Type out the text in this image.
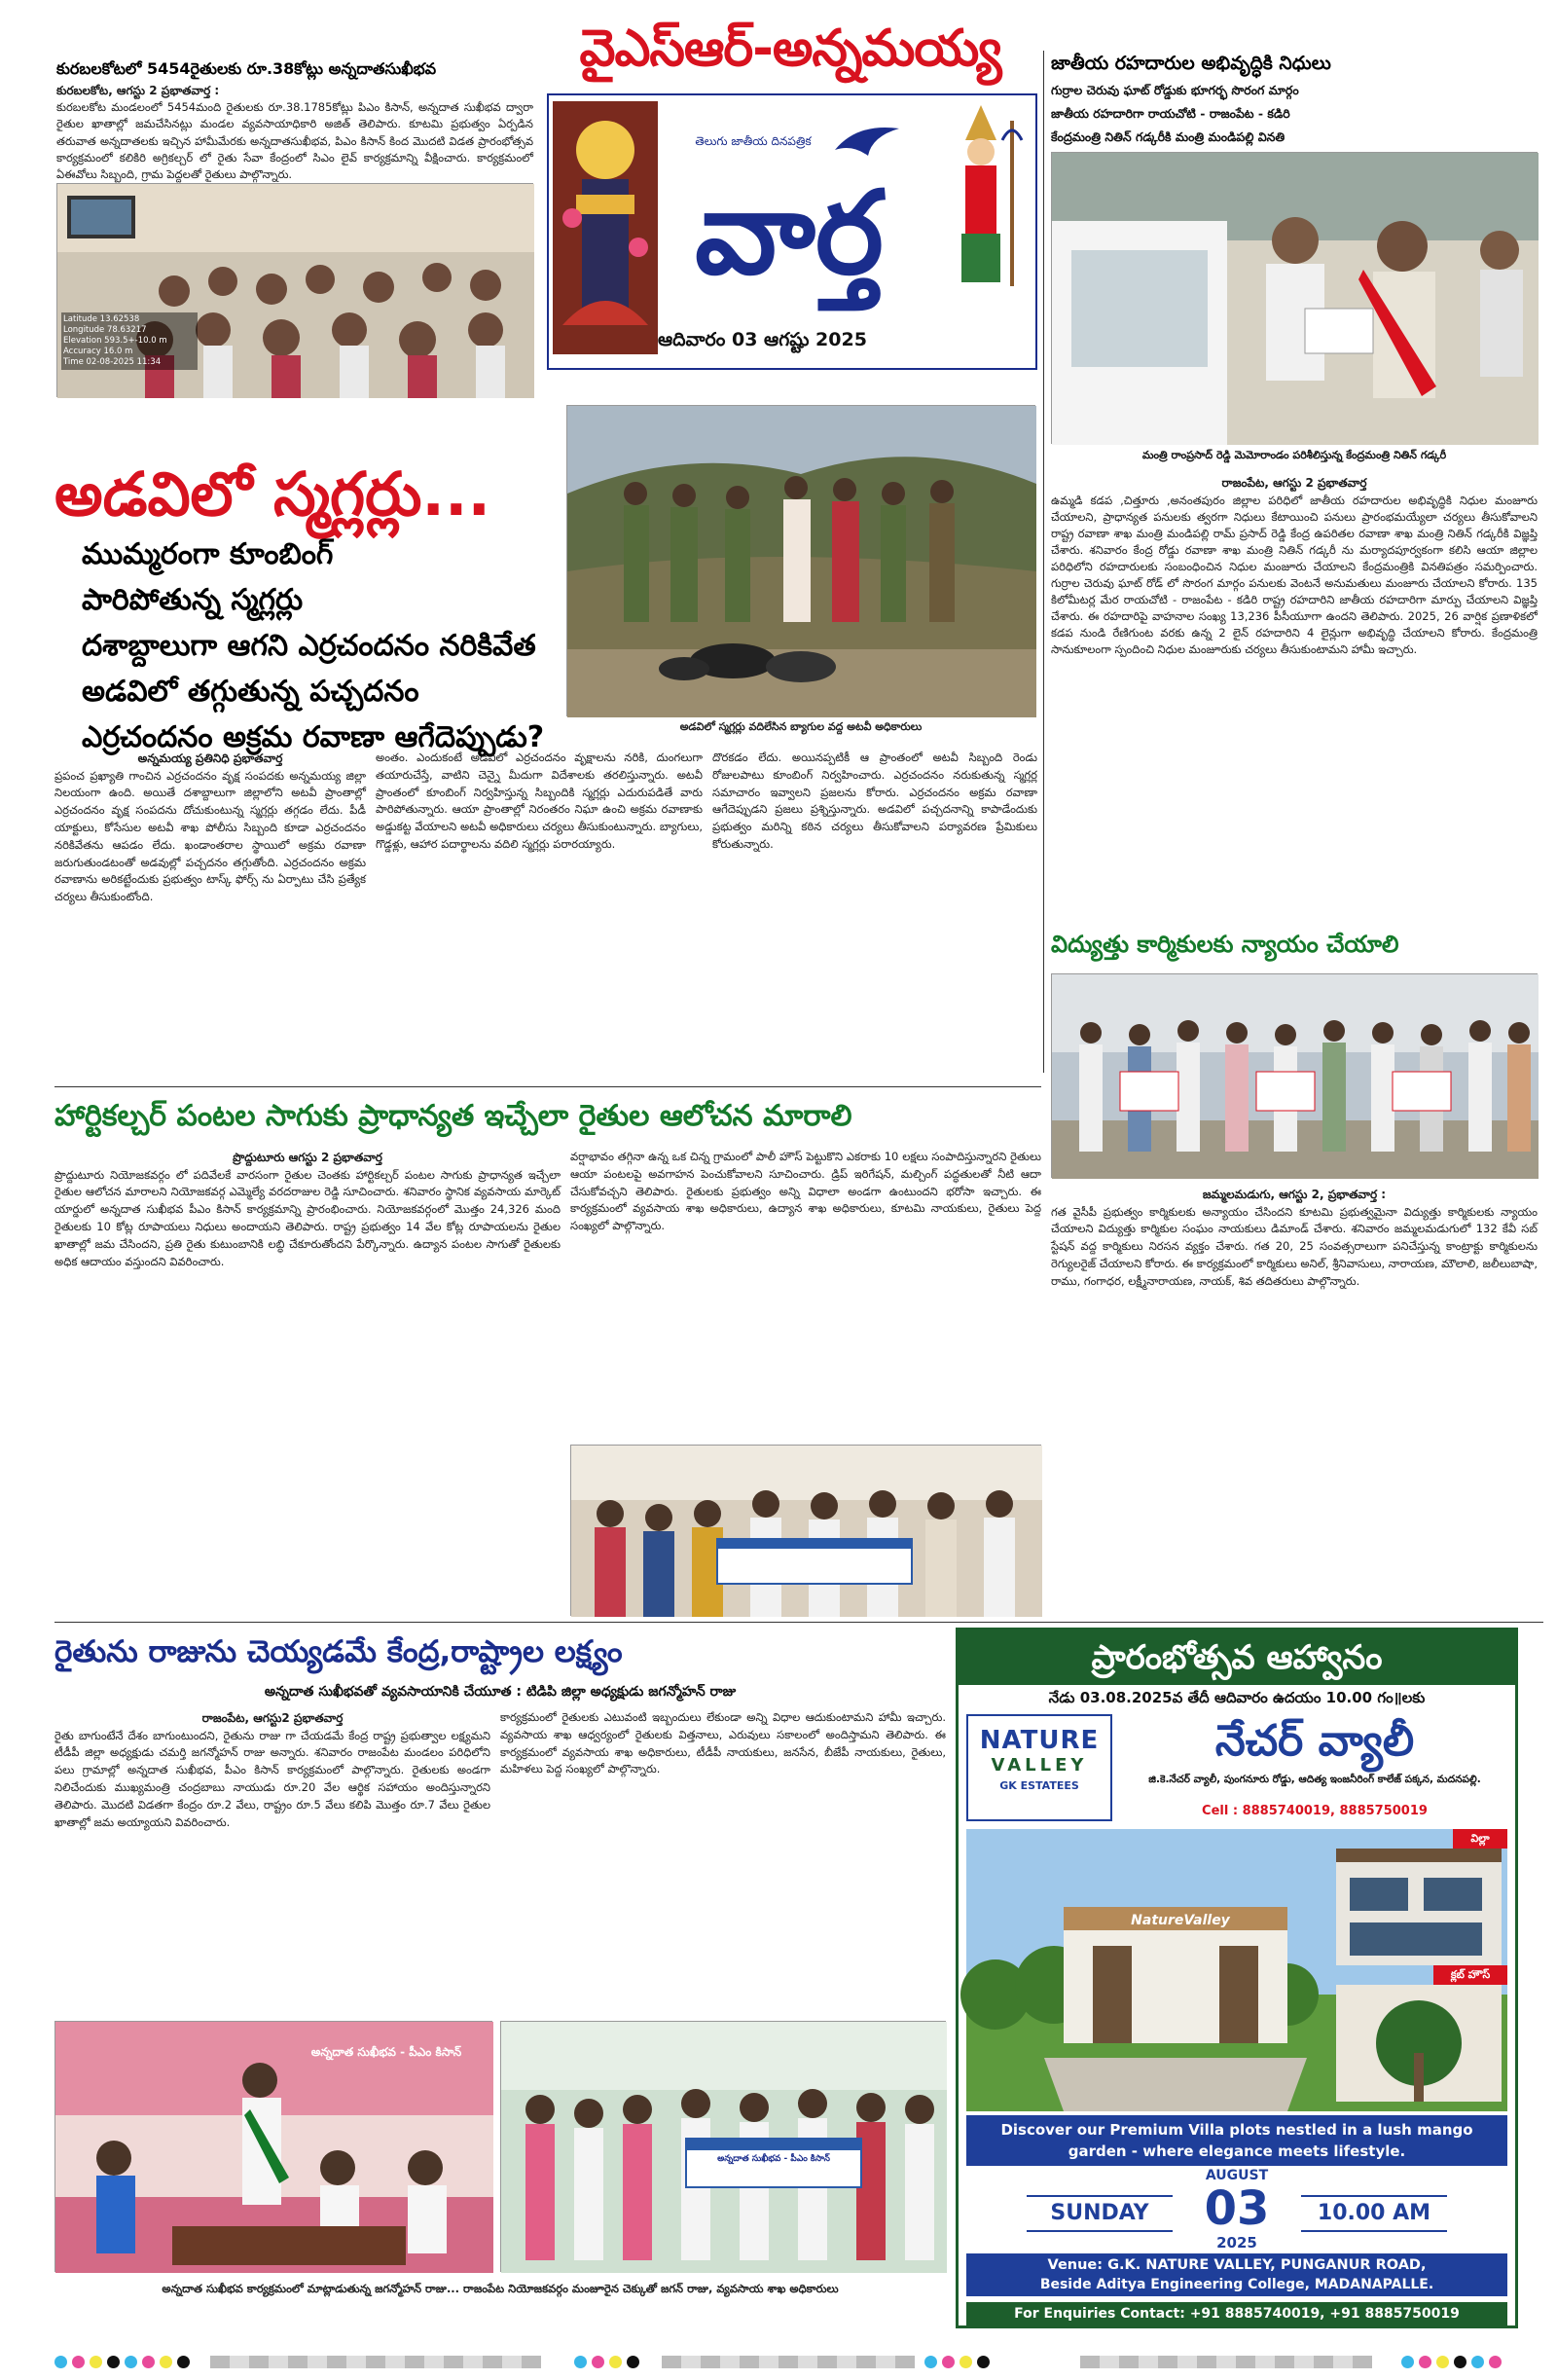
వైఎస్ఆర్-అన్నమయ్య
తెలుగు జాతీయ దినపత్రిక
వార్త
ఆదివారం 03 ఆగష్టు 2025
కురబలకోటలో 5454రైతులకు రూ.38కోట్లు అన్నదాతసుఖీభవ
కురబలకోట, ఆగస్టు 2 ప్రభాతవార్త :
కురబలకోట మండలంలో 5454మంది రైతులకు రూ.38.1785కోట్లు పిఎం కిసాన్, అన్నదాత సుఖీభవ ద్వారా రైతుల ఖాతాల్లో జమచేసినట్లు మండల వ్యవసాయాధికారి అజిత్ తెలిపారు. కూటమి ప్రభుత్వం ఏర్పడిన తరువాత అన్నదాతలకు ఇచ్చిన హామీమేరకు అన్నదాతసుఖీభవ, పిఎం కిసాన్ కింద మొదటి విడత ప్రారంభోత్సవ కార్యక్రమంలో కలికిరి అగ్రికల్చర్ లో రైతు సేవా కేంద్రంలో సిఎం లైవ్ కార్యక్రమాన్ని వీక్షించారు. కార్యక్రమంలో ఏఈవోలు సిబ్బంది, గ్రామ పెద్దలతో రైతులు పాల్గొన్నారు.
Latitude 13.62538
Longitude 78.63217
Elevation 593.5+-10.0 m
Accuracy 16.0 m
Time 02-08-2025 11:34
జాతీయ రహదారుల అభివృద్ధికి నిధులు
గుర్రాల చెరువు ఘాట్ రోడ్డుకు భూగర్భ సొరంగ మార్గం
జాతీయ రహదారిగా రాయచోటి - రాజంపేట - కడిరి
కేంద్రమంత్రి నితిన్ గడ్కరీకి మంత్రి మండిపల్లి వినతి
మంత్రి రాంప్రసాద్ రెడ్డి మెమోరాండం పరిశీలిస్తున్న కేంద్రమంత్రి నితిన్ గడ్కరీ
రాజంపేట, ఆగస్టు 2 ప్రభాతవార్త
ఉమ్మడి కడప ,చిత్తూరు ,అనంతపురం జిల్లాల పరిధిలో జాతీయ రహదారుల అభివృద్ధికి నిధుల మంజూరు చేయాలని, ప్రాధాన్యత పనులకు త్వరగా నిధులు కేటాయించి పనులు ప్రారంభమయ్యేలా చర్యలు తీసుకోవాలని రాష్ట్ర రవాణా శాఖ మంత్రి మండిపల్లి రామ్ ప్రసాద్ రెడ్డి కేంద్ర ఉపరితల రవాణా శాఖ మంత్రి నితిన్ గడ్కరీకి విజ్ఞప్తి చేశారు. శనివారం కేంద్ర రోడ్డు రవాణా శాఖ మంత్రి నితిన్ గడ్కరీ ను మర్యాదపూర్వకంగా కలిసి ఆయా జిల్లాల పరిధిలోని రహదారులకు సంబంధించిన నిధుల మంజూరు చేయాలని కేంద్రమంత్రికి వినతిపత్రం సమర్పించారు. గుర్రాల చెరువు ఘాట్ రోడ్ లో సొరంగ మార్గం పనులకు వెంటనే అనుమతులు మంజూరు చేయాలని కోరారు. 135 కిలోమీటర్ల మేర రాయచోటి - రాజంపేట - కడిరి రాష్ట్ర రహదారిని జాతీయ రహదారిగా మార్పు చేయాలని విజ్ఞప్తి చేశారు. ఈ రహదారిపై వాహనాల సంఖ్య 13,236 పీసీయూగా ఉందని తెలిపారు. 2025, 26 వార్షిక ప్రణాళికలో కడప నుండి రేణిగుంట వరకు ఉన్న 2 లైన్ రహదారిని 4 లైన్లుగా అభివృద్ధి చేయాలని కోరారు. కేంద్రమంత్రి సానుకూలంగా స్పందించి నిధుల మంజూరుకు చర్యలు తీసుకుంటామని హామీ ఇచ్చారు.
అడవిలో స్మగ్లర్లు...
ముమ్మరంగా కూంబింగ్
పారిపోతున్న స్మగ్లర్లు
దశాబ్దాలుగా ఆగని ఎర్రచందనం నరికివేత
అడవిలో తగ్గుతున్న పచ్చదనం
ఎర్రచందనం అక్రమ రవాణా ఆగేదెప్పుడు?	అడవిలో స్మగ్లర్లు వదిలేసిన బ్యాగుల వద్ద అటవీ అధికారులు
అన్నమయ్య ప్రతినిధి ప్రభాతవార్త
ప్రపంచ ప్రఖ్యాతి గాంచిన ఎర్రచందనం వృక్ష సంపదకు అన్నమయ్య జిల్లా నిలయంగా ఉంది. అయితే దశాబ్దాలుగా జిల్లాలోని అటవీ ప్రాంతాల్లో ఎర్రచందనం వృక్ష సంపదను దోచుకుంటున్న స్మగ్లర్లు తగ్గడం లేదు. పీడీ యాక్టులు, కోసేసుల అటవీ శాఖ పోలీసు సిబ్బంది కూడా ఎర్రచందనం నరికివేతను ఆపడం లేదు. ఖండాంతరాల స్థాయిలో అక్రమ రవాణా జరుగుతుండటంతో అడవుల్లో పచ్చదనం తగ్గుతోంది. ఎర్రచందనం అక్రమ రవాణాను అరికట్టేందుకు ప్రభుత్వం టాస్క్ ఫోర్స్ ను ఏర్పాటు చేసి ప్రత్యేక చర్యలు తీసుకుంటోంది.
అంతం. ఎందుకంటే అడవిలో ఎర్రచందనం వృక్షాలను నరికి, దుంగలుగా తయారుచేస్తే, వాటిని చెన్నై మీదుగా విదేశాలకు తరలిస్తున్నారు. అటవీ ప్రాంతంలో కూంబింగ్ నిర్వహిస్తున్న సిబ్బందికి స్మగ్లర్లు ఎదురుపడితే వారు పారిపోతున్నారు. ఆయా ప్రాంతాల్లో నిరంతరం నిఘా ఉంచి అక్రమ రవాణాకు అడ్డుకట్ట వేయాలని అటవీ అధికారులు చర్యలు తీసుకుంటున్నారు. బ్యాగులు, గొడ్డళ్లు, ఆహార పదార్థాలను వదిలి స్మగ్లర్లు పరారయ్యారు.
దొరకడం లేదు. అయినప్పటికీ ఆ ప్రాంతంలో అటవీ సిబ్బంది రెండు రోజులపాటు కూంబింగ్ నిర్వహించారు. ఎర్రచందనం నరుకుతున్న స్మగ్లర్ల సమాచారం ఇవ్వాలని ప్రజలను కోరారు. ఎర్రచందనం అక్రమ రవాణా ఆగేదెప్పుడని ప్రజలు ప్రశ్నిస్తున్నారు. అడవిలో పచ్చదనాన్ని కాపాడేందుకు ప్రభుత్వం మరిన్ని కఠిన చర్యలు తీసుకోవాలని పర్యావరణ ప్రేమికులు కోరుతున్నారు.
విద్యుత్తు కార్మికులకు న్యాయం చేయాలి
జమ్మలమడుగు, ఆగస్టు 2, ప్రభాతవార్త :
గత వైసీపీ ప్రభుత్వం కార్మికులకు అన్యాయం చేసిందని కూటమి ప్రభుత్వమైనా విద్యుత్తు కార్మికులకు న్యాయం చేయాలని విద్యుత్తు కార్మికుల సంఘం నాయకులు డిమాండ్ చేశారు. శనివారం జమ్మలమడుగులో 132 కేవీ సబ్ స్టేషన్ వద్ద కార్మికులు నిరసన వ్యక్తం చేశారు. గత 20, 25 సంవత్సరాలుగా పనిచేస్తున్న కాంట్రాక్టు కార్మికులను రెగ్యులరైజ్ చేయాలని కోరారు. ఈ కార్యక్రమంలో కార్మికులు అనిల్, శ్రీనివాసులు, నారాయణ, మౌలాలి, జలీలుబాషా, రాము, గంగాధర, లక్ష్మీనారాయణ, నాయక్, శివ తదితరులు పాల్గొన్నారు.
హార్టికల్చర్ పంటల సాగుకు ప్రాధాన్యత ఇచ్చేలా రైతుల ఆలోచన మారాలి
ప్రొద్దుటూరు ఆగస్టు 2 ప్రభాతవార్త
ప్రొద్దుటూరు నియోజకవర్గం లో పదివేలకే వారసంగా రైతుల చెంతకు హార్టికల్చర్ పంటల సాగుకు ప్రాధాన్యత ఇచ్చేలా రైతుల ఆలోచన మారాలని నియోజకవర్గ ఎమ్మెల్యే వరదరాజుల రెడ్డి సూచించారు. శనివారం స్థానిక వ్యవసాయ మార్కెట్ యార్డులో అన్నదాత సుఖీభవ పీఎం కిసాన్ కార్యక్రమాన్ని ప్రారంభించారు. నియోజకవర్గంలో మొత్తం 24,326 మంది రైతులకు 10 కోట్ల రూపాయలు నిధులు అందాయని తెలిపారు. రాష్ట్ర ప్రభుత్వం 14 వేల కోట్ల రూపాయలను రైతుల ఖాతాల్లో జమ చేసిందని, ప్రతి రైతు కుటుంబానికి లబ్ధి చేకూరుతోందని పేర్కొన్నారు. ఉద్యాన పంటల సాగుతో రైతులకు అధిక ఆదాయం వస్తుందని వివరించారు.
వర్షాభావం తగ్గినా ఉన్న ఒక చిన్న గ్రామంలో పాలీ హౌస్ పెట్టుకొని ఎకరాకు 10 లక్షలు సంపాదిస్తున్నారని రైతులు ఆయా పంటలపై అవగాహన పెంచుకోవాలని సూచించారు. డ్రిప్ ఇరిగేషన్, మల్చింగ్ పద్ధతులతో నీటి ఆదా చేసుకోవచ్చని తెలిపారు. రైతులకు ప్రభుత్వం అన్ని విధాలా అండగా ఉంటుందని భరోసా ఇచ్చారు. ఈ కార్యక్రమంలో వ్యవసాయ శాఖ అధికారులు, ఉద్యాన శాఖ అధికారులు, కూటమి నాయకులు, రైతులు పెద్ద సంఖ్యలో పాల్గొన్నారు.
రైతును రాజును చెయ్యడమే కేంద్ర,రాష్ట్రాల లక్ష్యం
అన్నదాత సుఖీభవతో వ్యవసాయానికి చేయూత : టిడిపి జిల్లా అధ్యక్షుడు జగన్మోహన్ రాజు
రాజంపేట, ఆగస్టు2 ప్రభాతవార్త
రైతు బాగుంటేనే దేశం బాగుంటుందని, రైతును రాజు గా చేయడమే కేంద్ర రాష్ట్ర ప్రభుత్వాల లక్ష్యమని టీడీపీ జిల్లా అధ్యక్షుడు చమర్తి జగన్మోహన్ రాజు అన్నారు. శనివారం రాజంపేట మండలం పరిధిలోని పలు గ్రామాల్లో అన్నదాత సుఖీభవ, పీఎం కిసాన్ కార్యక్రమంలో పాల్గొన్నారు. రైతులకు అండగా నిలిచేందుకు ముఖ్యమంత్రి చంద్రబాబు నాయుడు రూ.20 వేల ఆర్థిక సహాయం అందిస్తున్నారని తెలిపారు. మొదటి విడతగా కేంద్రం రూ.2 వేలు, రాష్ట్రం రూ.5 వేలు కలిపి మొత్తం రూ.7 వేలు రైతుల ఖాతాల్లో జమ అయ్యాయని వివరించారు.
కార్యక్రమంలో రైతులకు ఎటువంటి ఇబ్బందులు లేకుండా అన్ని విధాల ఆదుకుంటామని హామీ ఇచ్చారు. వ్యవసాయ శాఖ ఆధ్వర్యంలో రైతులకు విత్తనాలు, ఎరువులు సకాలంలో అందిస్తామని తెలిపారు. ఈ కార్యక్రమంలో వ్యవసాయ శాఖ అధికారులు, టీడీపీ నాయకులు, జనసేన, బీజేపీ నాయకులు, రైతులు, మహిళలు పెద్ద సంఖ్యలో పాల్గొన్నారు.
అన్నదాత సుఖీభవ - పీఎం కిసాన్
అన్నదాత సుఖీభవ - పీఎం కిసాన్
అన్నదాత సుఖీభవ కార్యక్రమంలో మాట్లాడుతున్న జగన్మోహన్ రాజు... రాజంపేట నియోజకవర్గం మంజూరైన చెక్కుతో జగన్ రాజు, వ్యవసాయ శాఖ అధికారులు
ప్రారంభోత్సవ ఆహ్వానం
నేడు 03.08.2025వ తేదీ ఆదివారం ఉదయం 10.00 గం॥లకు
NATURE
VALLEY
GK ESTATEES
నేచర్ వ్యాలీ
జి.కె.నేచర్ వ్యాలీ, పుంగనూరు రోడ్డు, ఆదిత్య ఇంజనీరింగ్ కాలేజ్ పక్కన, మదనపల్లి.
Cell : 8885740019, 8885750019
NatureValley
విల్లా
క్లబ్ హౌస్
Discover our Premium Villa plots nestled in a lush mango garden - where elegance meets lifestyle.
SUNDAY
AUGUST
03
2025
10.00 AM
Venue: G.K. NATURE VALLEY, PUNGANUR ROAD,
Beside Aditya Engineering College, MADANAPALLE.
For Enquiries Contact: +91 8885740019, +91 8885750019
